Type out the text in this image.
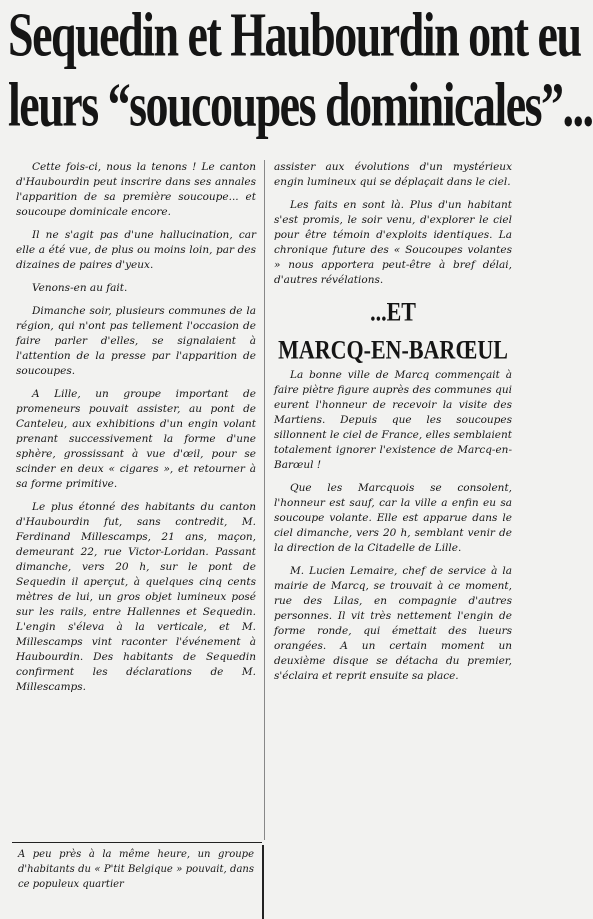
Sequedin et Haubourdin ont eu
leurs “soucoupes dominicales”...

Cette fois-ci, nous la tenons ! Le canton d'Haubourdin peut inscrire dans ses annales l'apparition de sa première soucoupe... et soucoupe dominicale encore.

Il ne s'agit pas d'une hallucination, car elle a été vue, de plus ou moins loin, par des dizaines de paires d'yeux.

Venons-en au fait.

Dimanche soir, plusieurs communes de la région, qui n'ont pas tellement l'occasion de faire parler d'elles, se signalaient à l'attention de la presse par l'apparition de soucoupes.

A Lille, un groupe important de promeneurs pouvait assister, au pont de Canteleu, aux exhibitions d'un engin volant prenant successivement la forme d'une sphère, grossissant à vue d'œil, pour se scinder en deux « cigares », et retourner à sa forme primitive.

Le plus étonné des habitants du canton d'Haubourdin fut, sans contredit, M. Ferdinand Millescamps, 21 ans, maçon, demeurant 22, rue Victor-Loridan. Passant dimanche, vers 20 h, sur le pont de Sequedin il aperçut, à quelques cinq cents mètres de lui, un gros objet lumineux posé sur les rails, entre Hallennes et Sequedin. L'engin s'éleva à la verticale, et M. Millescamps vint raconter l'événement à Haubourdin. Des habitants de Sequedin confirment les déclarations de M. Millescamps.

A peu près à la même heure, un groupe d'habitants du « P'tit Belgique » pouvait, dans ce populeux quartier

assister aux évolutions d'un mystérieux engin lumineux qui se déplaçait dans le ciel.

Les faits en sont là. Plus d'un habitant s'est promis, le soir venu, d'explorer le ciel pour être témoin d'exploits identiques. La chronique future des « Soucoupes volantes » nous apportera peut-être à bref délai, d'autres révélations.

...ET
MARCQ-EN-BARŒUL

La bonne ville de Marcq commençait à faire piètre figure auprès des communes qui eurent l'honneur de recevoir la visite des Martiens. Depuis que les soucoupes sillonnent le ciel de France, elles semblaient totalement ignorer l'existence de Marcq-en-Barœul !

Que les Marcquois se consolent, l'honneur est sauf, car la ville a enfin eu sa soucoupe volante. Elle est apparue dans le ciel dimanche, vers 20 h, semblant venir de la direction de la Citadelle de Lille.

M. Lucien Lemaire, chef de service à la mairie de Marcq, se trouvait à ce moment, rue des Lilas, en compagnie d'autres personnes. Il vit très nettement l'engin de forme ronde, qui émettait des lueurs orangées. A un certain moment un deuxième disque se détacha du premier, s'éclaira et reprit ensuite sa place.
